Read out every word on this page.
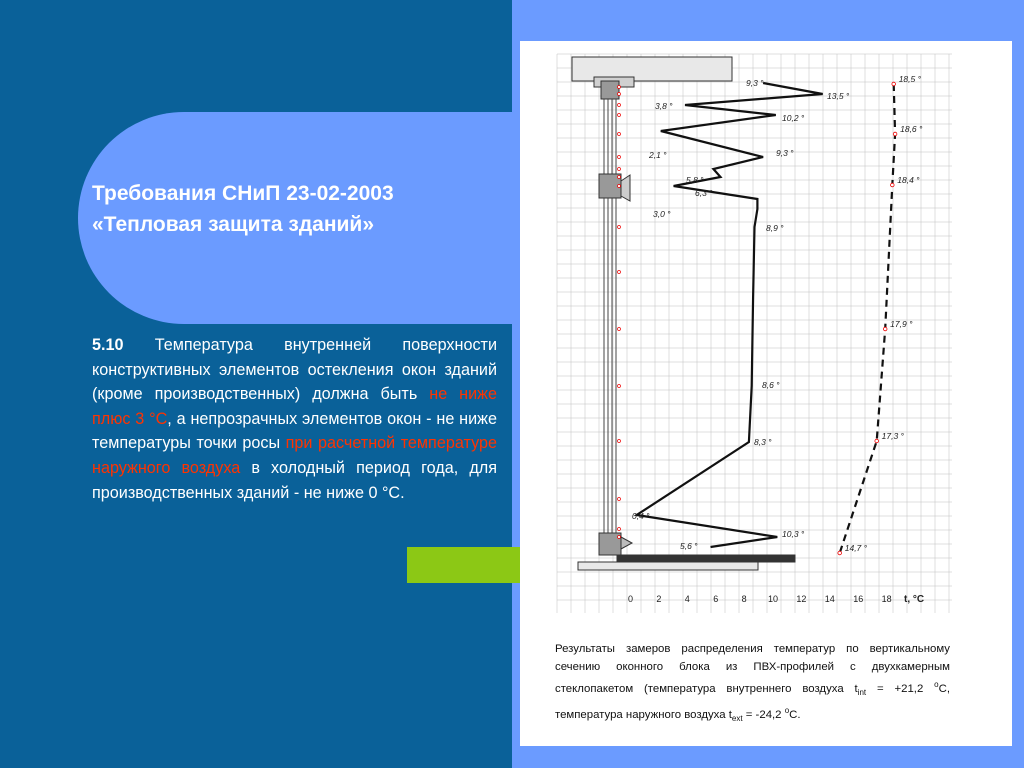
Требования СНиП 23-02-2003
«Тепловая защита зданий»
5.10 Температура внутренней поверхности конструктивных элементов остекления окон зданий (кроме производственных) должна быть не ниже плюс 3 °С, а непрозрачных элементов окон - не ниже температуры точки росы при расчетной температуре наружного воздуха в холодный период года, для производственных зданий - не ниже 0 °С.
9,3 °
13,5 °
3,8 °
10,2 °
2,1 °	9,3 °
5,8 °
6,3 °
3,0 °
8,9 °
8,6 °
8,3 °
0,4 °
10,3 °
5,6 °
18,5 °
18,6 °
18,4 °
17,9 °
17,3 °
14,7 °
0	2	4	6	8 10 12 14 16 18 t, °C
Результаты замеров распределения температур по вертикальному сечению оконного блока из ПВХ-профилей с двухкамерным стеклопакетом (температура внутреннего воздуха $t_{int} = +21,2$ $^o$C, температура наружного воздуха $t_{ext} = -24,2$ $^o$C.
